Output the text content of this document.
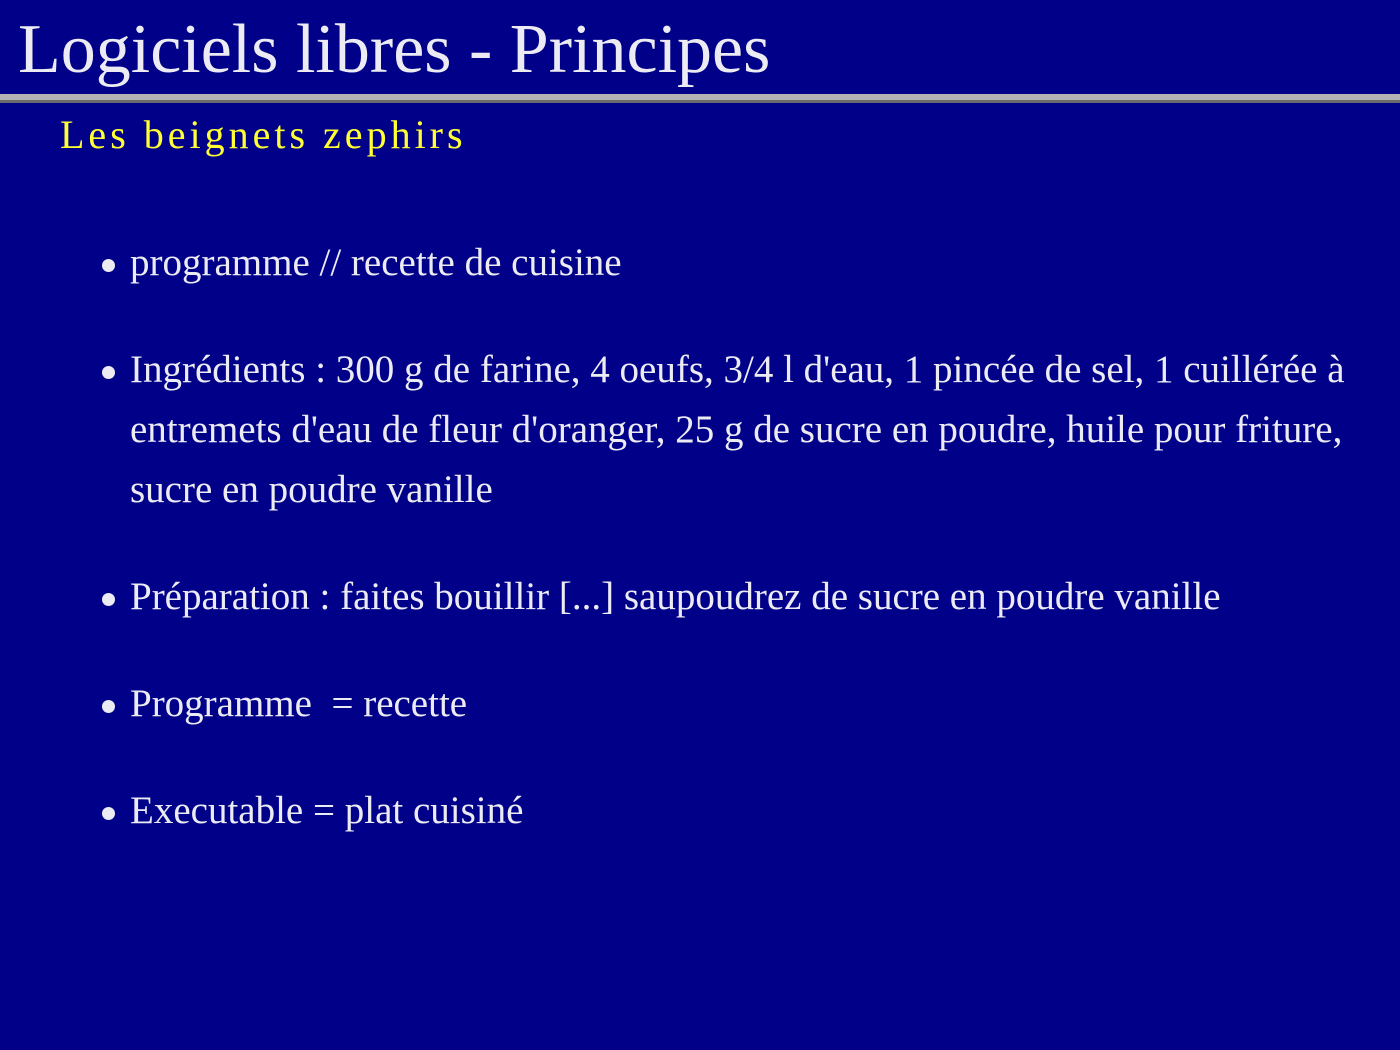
Logiciels libres - Principes
Les beignets zephirs
programme // recette de cuisine
Ingrédients : 300 g de farine, 4 oeufs, 3/4 l d'eau, 1 pincée de sel, 1 cuillérée à entremets d'eau de fleur d'oranger, 25 g de sucre en poudre, huile pour friture, sucre en poudre vanille
Préparation : faites bouillir [...] saupoudrez de sucre en poudre vanille
Programme  = recette
Executable = plat cuisiné
